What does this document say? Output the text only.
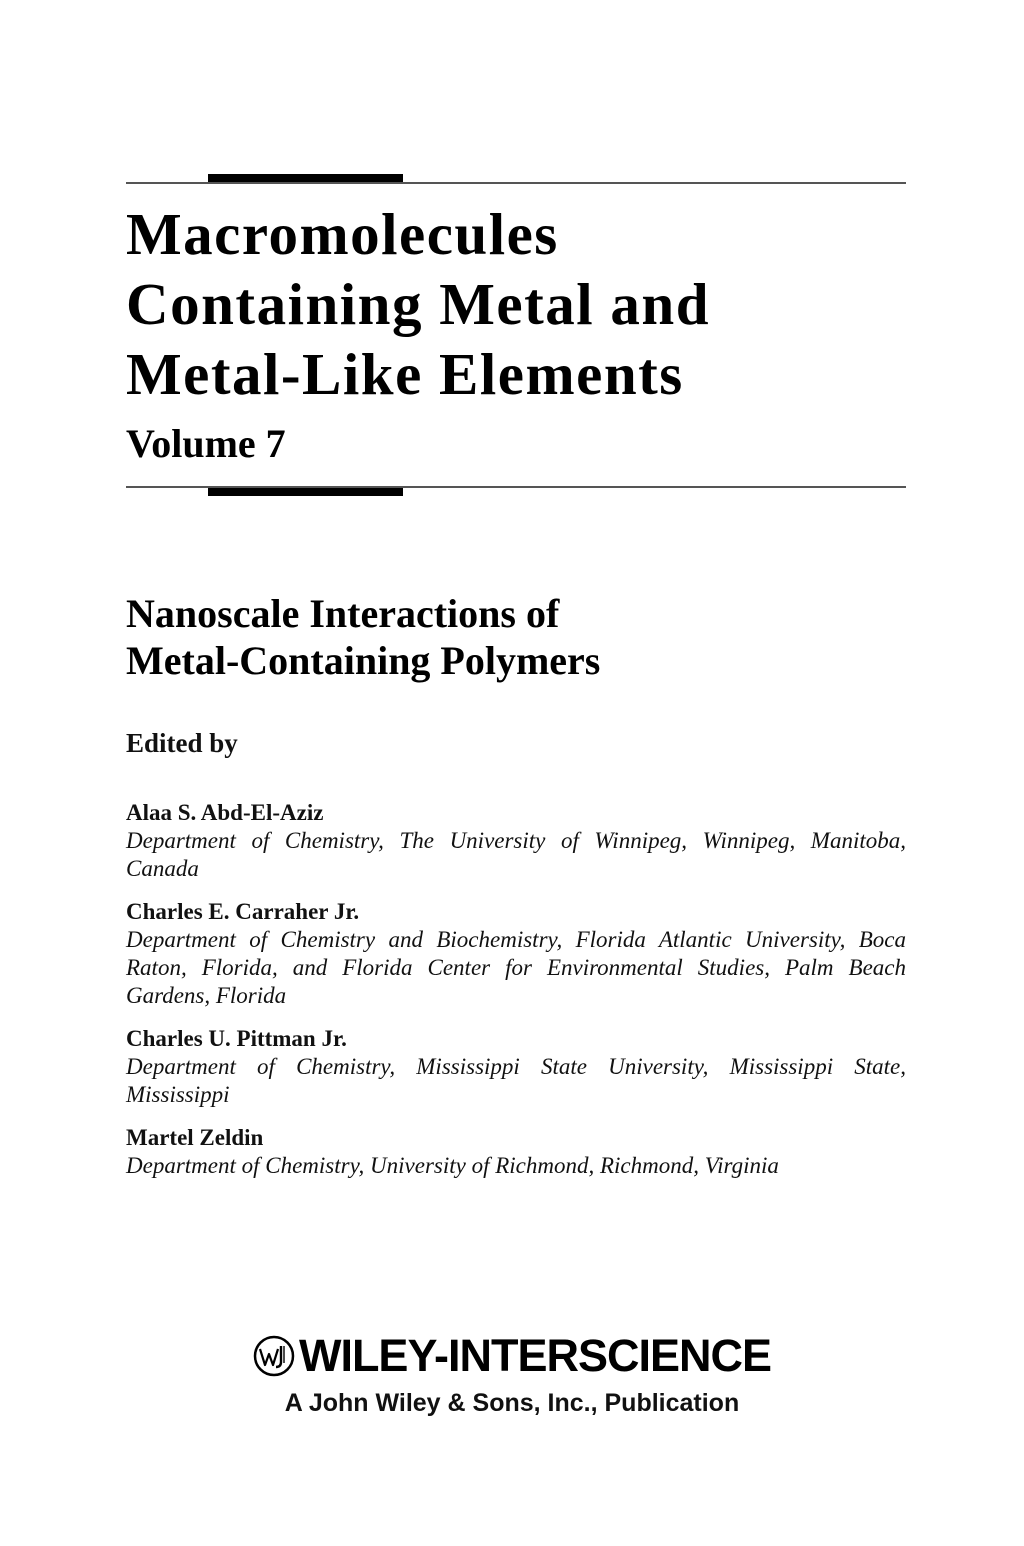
Macromolecules
Containing Metal and
Metal-Like Elements
Volume 7
Nanoscale Interactions of
Metal-Containing Polymers
Edited by
Alaa S. Abd-El-Aziz
Department of Chemistry, The University of Winnipeg, Winnipeg, Manitoba, Canada
Charles E. Carraher Jr.
Department of Chemistry and Biochemistry, Florida Atlantic University, Boca Raton, Florida, and Florida Center for Environmental Studies, Palm Beach Gardens, Florida
Charles U. Pittman Jr.
Department of Chemistry, Mississippi State University, Mississippi State, Mississippi
Martel Zeldin
Department of Chemistry, University of Richmond, Richmond, Virginia
WILEY-INTERSCIENCE
A John Wiley & Sons, Inc., Publication
